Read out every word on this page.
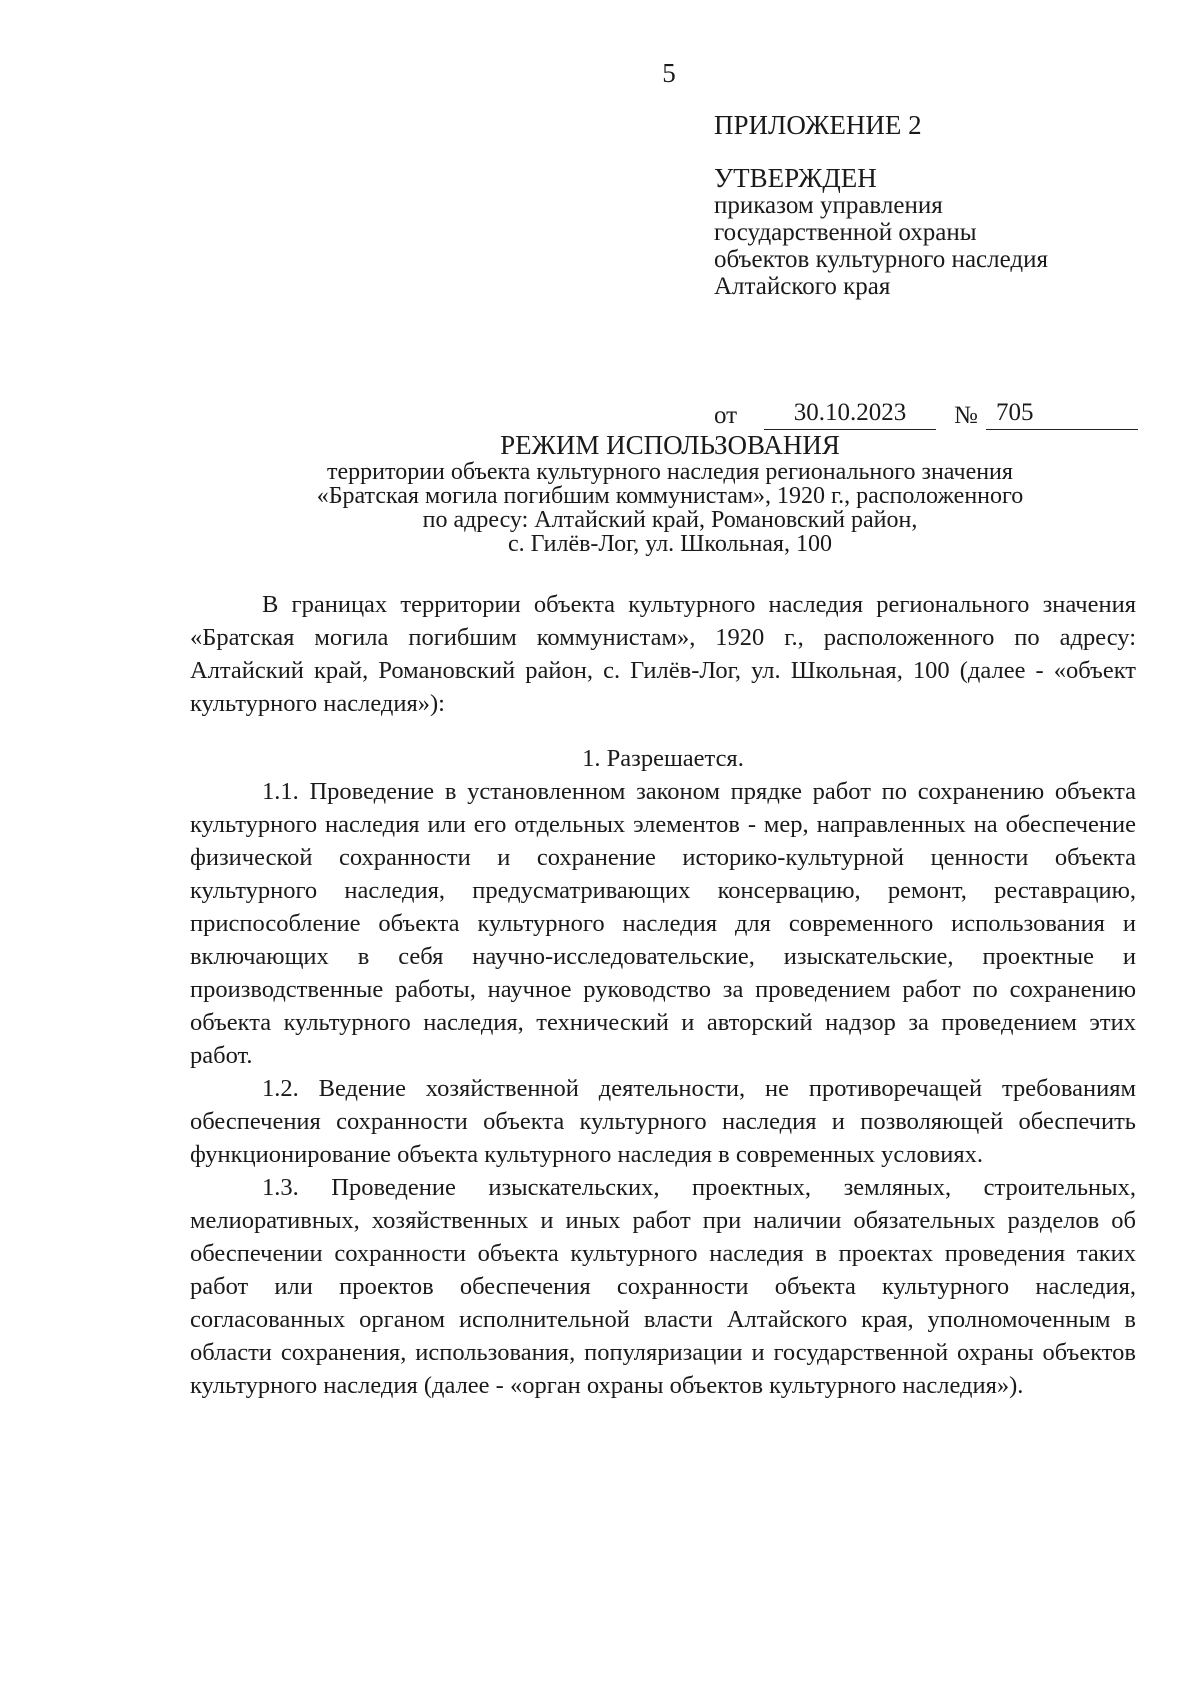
5
ПРИЛОЖЕНИЕ 2
УТВЕРЖДЕН
приказом управления
государственной охраны
объектов культурного наследия
Алтайского края
от	30.10.2023	№ 705
РЕЖИМ ИСПОЛЬЗОВАНИЯ
территории объекта культурного наследия регионального значения
«Братская могила погибшим коммунистам», 1920 г., расположенного
по адресу: Алтайский край, Романовский район,
с. Гилёв-Лог, ул. Школьная, 100

В границах территории объекта культурного наследия регионального значения «Братская могила погибшим коммунистам», 1920 г., расположенного по адресу: Алтайский край, Романовский район, с. Гилёв-Лог, ул. Школьная, 100 (далее - «объект культурного наследия»):

1. Разрешается.

1.1. Проведение в установленном законом прядке работ по сохранению объекта культурного наследия или его отдельных элементов - мер, направленных на обеспечение физической сохранности и сохранение историко-культурной ценности объекта культурного наследия, предусматривающих консервацию, ремонт, реставрацию, приспособление объекта культурного наследия для современного использования и включающих в себя научно-исследовательские, изыскательские, проектные и производственные работы, научное руководство за проведением работ по сохранению объекта культурного наследия, технический и авторский надзор за проведением этих работ.

1.2. Ведение хозяйственной деятельности, не противоречащей требованиям обеспечения сохранности объекта культурного наследия и позволяющей обеспечить функционирование объекта культурного наследия в современных условиях.

1.3. Проведение изыскательских, проектных, земляных, строительных, мелиоративных, хозяйственных и иных работ при наличии обязательных разделов об обеспечении сохранности объекта культурного наследия в проектах проведения таких работ или проектов обеспечения сохранности объекта культурного наследия, согласованных органом исполнительной власти Алтайского края, уполномоченным в области сохранения, использования, популяризации и государственной охраны объектов культурного наследия (далее - «орган охраны объектов культурного наследия»).
